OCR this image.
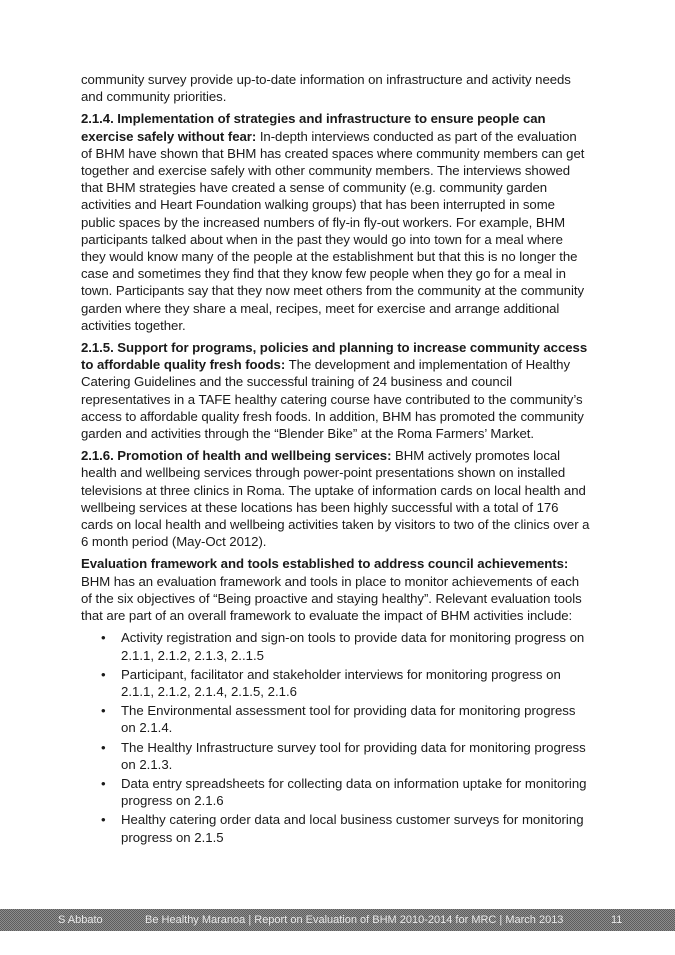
community survey provide up-to-date information on infrastructure and activity needs and community priorities.

2.1.4. Implementation of strategies and infrastructure to ensure people can exercise safely without fear: In-depth interviews conducted as part of the evaluation of BHM have shown that BHM has created spaces where community members can get together and exercise safely with other community members. The interviews showed that BHM strategies have created a sense of community (e.g. community garden activities and Heart Foundation walking groups) that has been interrupted in some public spaces by the increased numbers of fly-in fly-out workers. For example, BHM participants talked about when in the past they would go into town for a meal where they would know many of the people at the establishment but that this is no longer the case and sometimes they find that they know few people when they go for a meal in town. Participants say that they now meet others from the community at the community garden where they share a meal, recipes, meet for exercise and arrange additional activities together.

2.1.5. Support for programs, policies and planning to increase community access to affordable quality fresh foods: The development and implementation of Healthy Catering Guidelines and the successful training of 24 business and council representatives in a TAFE healthy catering course have contributed to the community’s access to affordable quality fresh foods. In addition, BHM has promoted the community garden and activities through the “Blender Bike” at the Roma Farmers’ Market.

2.1.6. Promotion of health and wellbeing services: BHM actively promotes local health and wellbeing services through power-point presentations shown on installed televisions at three clinics in Roma. The uptake of information cards on local health and wellbeing services at these locations has been highly successful with a total of 176 cards on local health and wellbeing activities taken by visitors to two of the clinics over a 6 month period (May-Oct 2012).

Evaluation framework and tools established to address council achievements: BHM has an evaluation framework and tools in place to monitor achievements of each of the six objectives of “Being proactive and staying healthy”. Relevant evaluation tools that are part of an overall framework to evaluate the impact of BHM activities include:

• Activity registration and sign-on tools to provide data for monitoring progress on 2.1.1, 2.1.2, 2.1.3, 2..1.5
• Participant, facilitator and stakeholder interviews for monitoring progress on 2.1.1, 2.1.2, 2.1.4, 2.1.5, 2.1.6
• The Environmental assessment tool for providing data for monitoring progress on 2.1.4.
• The Healthy Infrastructure survey tool for providing data for monitoring progress on 2.1.3.
• Data entry spreadsheets for collecting data on information uptake for monitoring progress on 2.1.6
• Healthy catering order data and local business customer surveys for monitoring progress on 2.1.5
S Abbato	Be Healthy Maranoa | Report on Evaluation of BHM 2010-2014 for MRC | March 2013	11
